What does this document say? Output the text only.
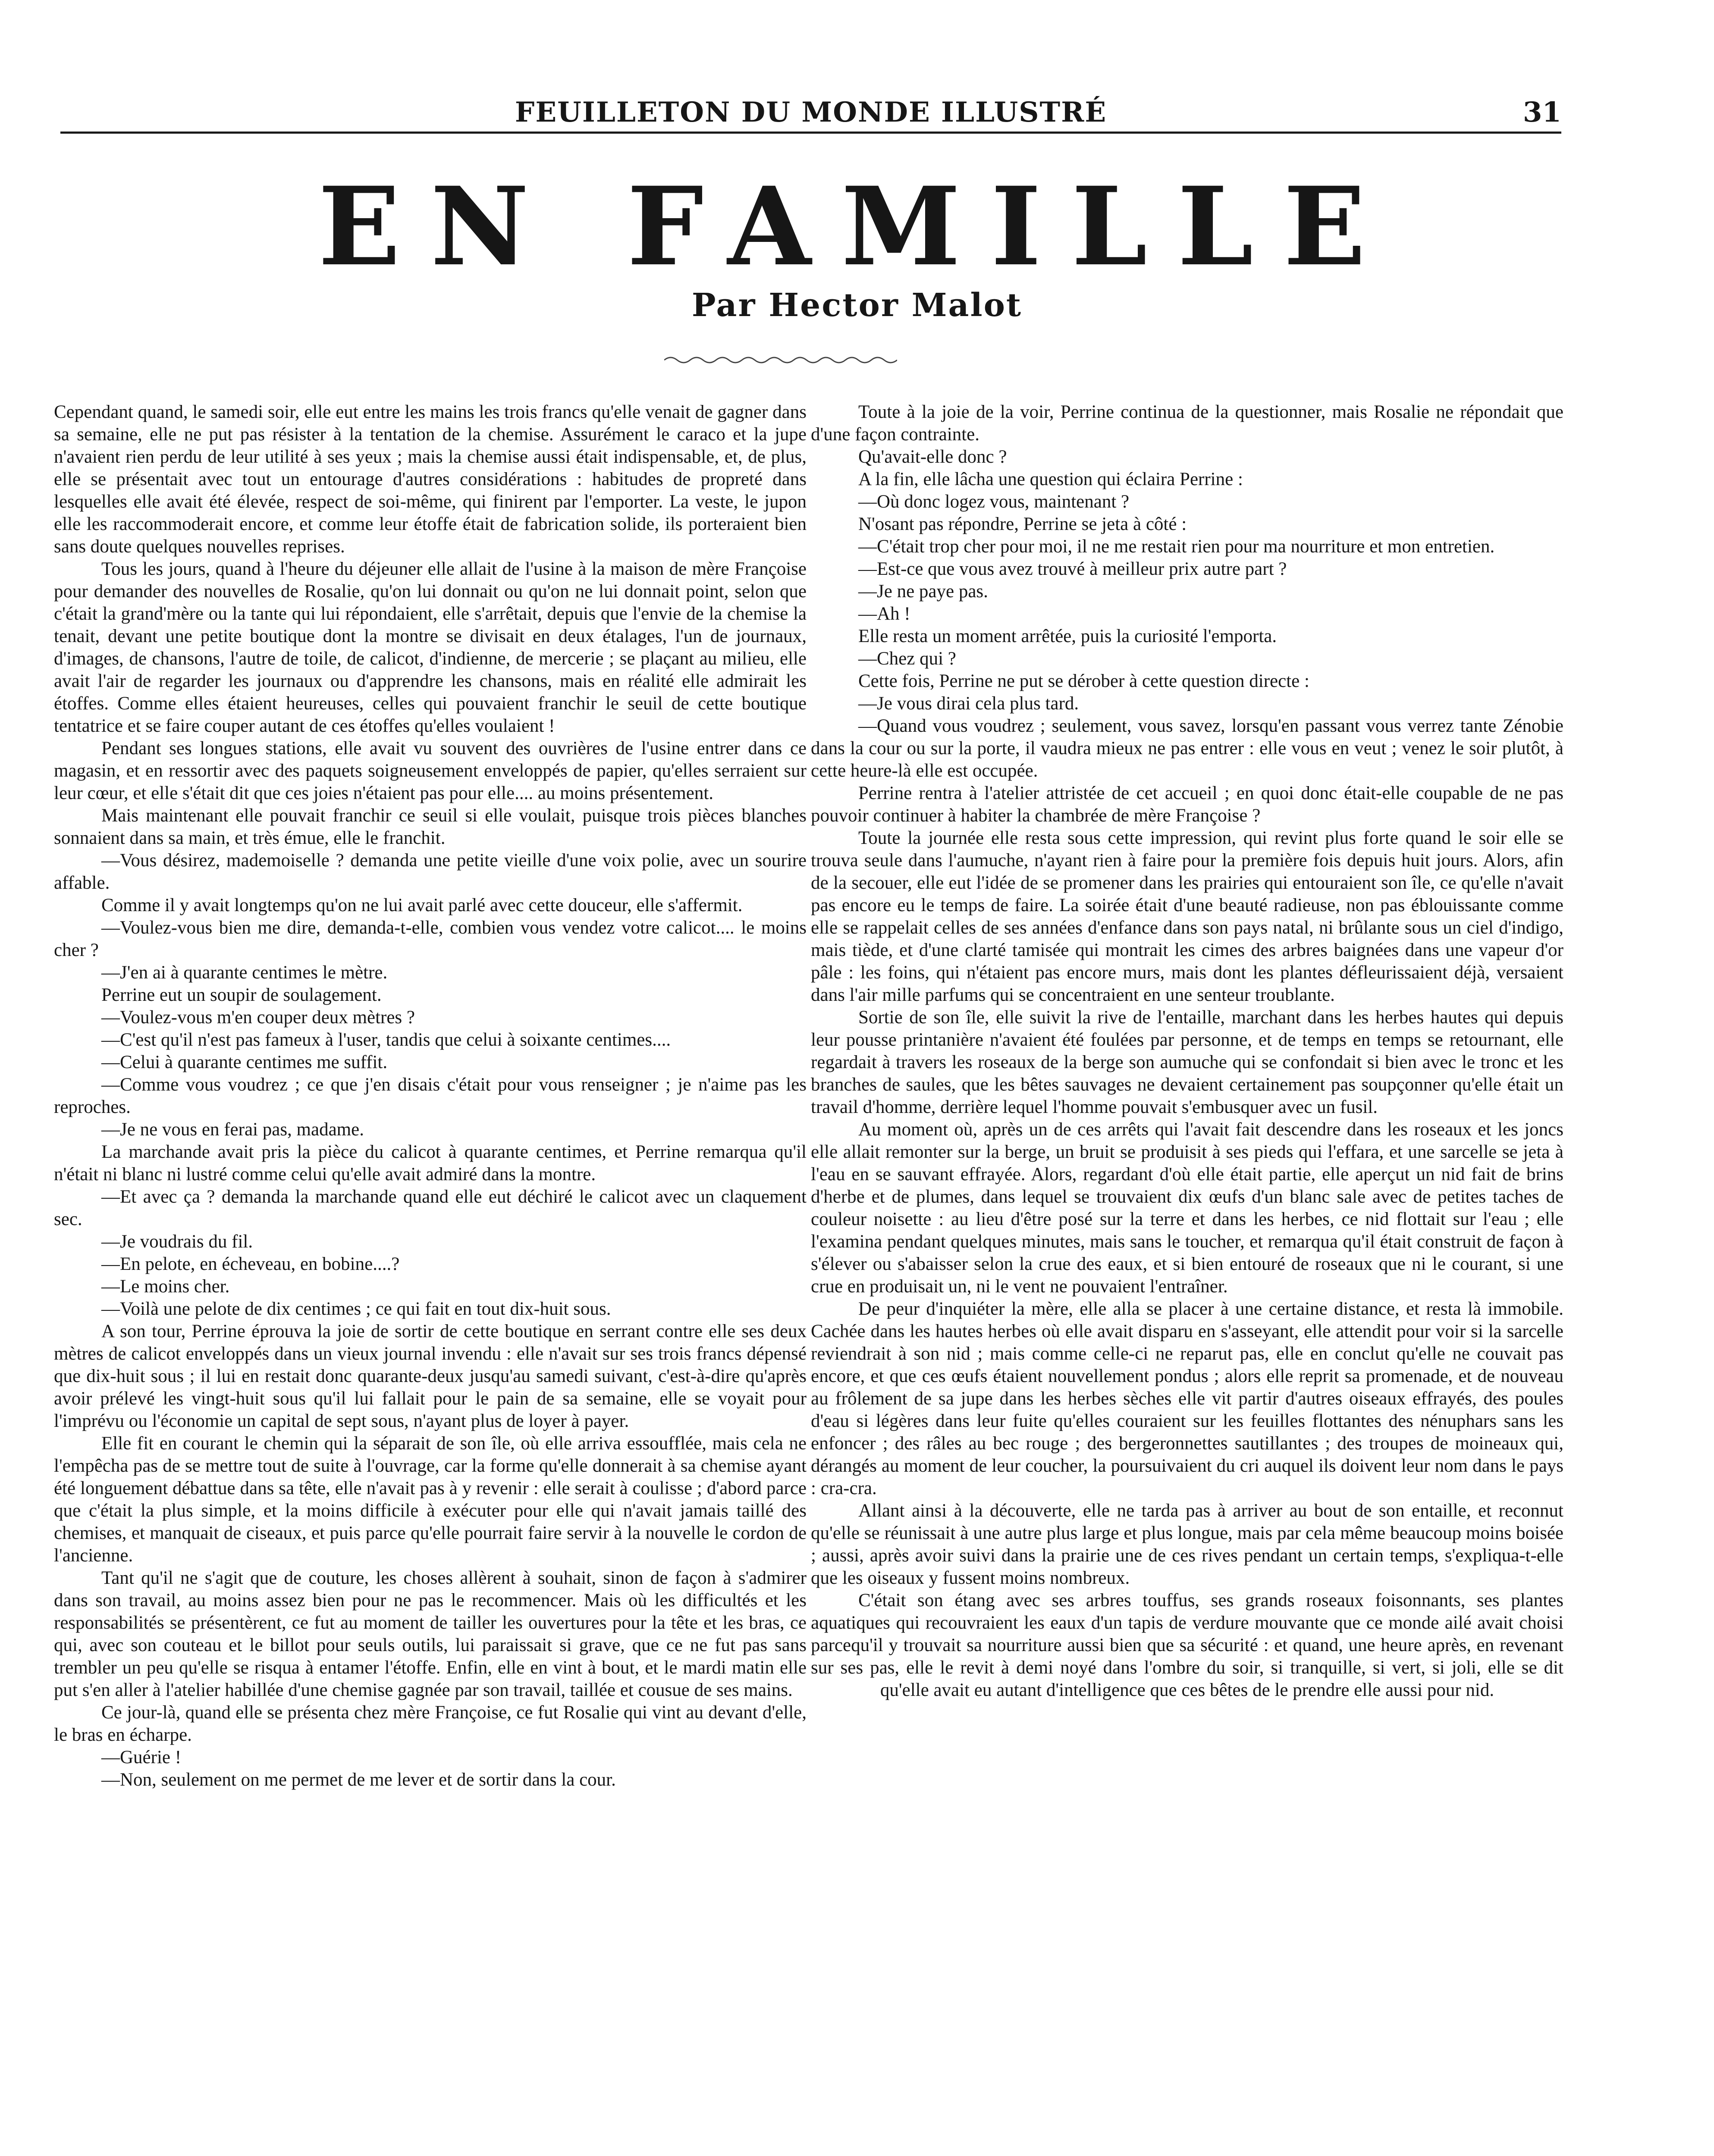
FEUILLETON DU MONDE ILLUSTRÉ	31
EN FAMILLE
Par Hector Malot

Cependant quand, le samedi soir, elle eut entre les mains les trois francs qu'elle venait de gagner dans sa semaine, elle ne put pas résister à la tentation de la chemise. Assurément le caraco et la jupe n'avaient rien perdu de leur utilité à ses yeux ; mais la chemise aussi était indispensable, et, de plus, elle se présentait avec tout un entourage d'autres considérations : habitudes de propreté dans lesquelles elle avait été élevée, respect de soi-même, qui finirent par l'emporter. La veste, le jupon elle les raccommoderait encore, et comme leur étoffe était de fabrication solide, ils porteraient bien sans doute quelques nouvelles reprises.

Tous les jours, quand à l'heure du déjeuner elle allait de l'usine à la maison de mère Françoise pour demander des nouvelles de Rosalie, qu'on lui donnait ou qu'on ne lui donnait point, selon que c'était la grand'mère ou la tante qui lui répondaient, elle s'arrêtait, depuis que l'envie de la chemise la tenait, devant une petite boutique dont la montre se divisait en deux étalages, l'un de journaux, d'images, de chansons, l'autre de toile, de calicot, d'indienne, de mercerie ; se plaçant au milieu, elle avait l'air de regarder les journaux ou d'apprendre les chansons, mais en réalité elle admirait les étoffes. Comme elles étaient heureuses, celles qui pouvaient franchir le seuil de cette boutique tentatrice et se faire couper autant de ces étoffes qu'elles voulaient !

Pendant ses longues stations, elle avait vu souvent des ouvrières de l'usine entrer dans ce magasin, et en ressortir avec des paquets soigneusement enveloppés de papier, qu'elles serraient sur leur cœur, et elle s'était dit que ces joies n'étaient pas pour elle.... au moins présentement.

Mais maintenant elle pouvait franchir ce seuil si elle voulait, puisque trois pièces blanches sonnaient dans sa main, et très émue, elle le franchit.

—Vous désirez, mademoiselle ? demanda une petite vieille d'une voix polie, avec un sourire affable.

Comme il y avait longtemps qu'on ne lui avait parlé avec cette douceur, elle s'affermit.

—Voulez-vous bien me dire, demanda-t-elle, combien vous vendez votre calicot.... le moins cher ?

—J'en ai à quarante centimes le mètre.

Perrine eut un soupir de soulagement.

—Voulez-vous m'en couper deux mètres ?

—C'est qu'il n'est pas fameux à l'user, tandis que celui à soixante centimes....

—Celui à quarante centimes me suffit.

—Comme vous voudrez ; ce que j'en disais c'était pour vous renseigner ; je n'aime pas les reproches.

—Je ne vous en ferai pas, madame.

La marchande avait pris la pièce du calicot à quarante centimes, et Perrine remarqua qu'il n'était ni blanc ni lustré comme celui qu'elle avait admiré dans la montre.

—Et avec ça ? demanda la marchande quand elle eut déchiré le calicot avec un claquement sec.

—Je voudrais du fil.

—En pelote, en écheveau, en bobine....?

—Le moins cher.

—Voilà une pelote de dix centimes ; ce qui fait en tout dix-huit sous.

A son tour, Perrine éprouva la joie de sortir de cette boutique en serrant contre elle ses deux mètres de calicot enveloppés dans un vieux journal invendu : elle n'avait sur ses trois francs dépensé que dix-huit sous ; il lui en restait donc quarante-deux jusqu'au samedi suivant, c'est-à-dire qu'après avoir prélevé les vingt-huit sous qu'il lui fallait pour le pain de sa semaine, elle se voyait pour l'imprévu ou l'économie un capital de sept sous, n'ayant plus de loyer à payer.

Elle fit en courant le chemin qui la séparait de son île, où elle arriva essoufflée, mais cela ne l'empêcha pas de se mettre tout de suite à l'ouvrage, car la forme qu'elle donnerait à sa chemise ayant été longuement débattue dans sa tête, elle n'avait pas à y revenir : elle serait à coulisse ; d'abord parce que c'était la plus simple, et la moins difficile à exécuter pour elle qui n'avait jamais taillé des chemises, et manquait de ciseaux, et puis parce qu'elle pourrait faire servir à la nouvelle le cordon de l'ancienne.

Tant qu'il ne s'agit que de couture, les choses allèrent à souhait, sinon de façon à s'admirer dans son travail, au moins assez bien pour ne pas le recommencer. Mais où les difficultés et les responsabilités se présentèrent, ce fut au moment de tailler les ouvertures pour la tête et les bras, ce qui, avec son couteau et le billot pour seuls outils, lui paraissait si grave, que ce ne fut pas sans trembler un peu qu'elle se risqua à entamer l'étoffe. Enfin, elle en vint à bout, et le mardi matin elle put s'en aller à l'atelier habillée d'une chemise gagnée par son travail, taillée et cousue de ses mains.

Ce jour-là, quand elle se présenta chez mère Françoise, ce fut Rosalie qui vint au devant d'elle, le bras en écharpe.

—Guérie !

—Non, seulement on me permet de me lever et de sortir dans la cour.

Toute à la joie de la voir, Perrine continua de la questionner, mais Rosalie ne répondait que d'une façon contrainte.

Qu'avait-elle donc ?

A la fin, elle lâcha une question qui éclaira Perrine :

—Où donc logez vous, maintenant ?

N'osant pas répondre, Perrine se jeta à côté :

—C'était trop cher pour moi, il ne me restait rien pour ma nourriture et mon entretien.

—Est-ce que vous avez trouvé à meilleur prix autre part ?

—Je ne paye pas.

—Ah !

Elle resta un moment arrêtée, puis la curiosité l'emporta.

—Chez qui ?

Cette fois, Perrine ne put se dérober à cette question directe :

—Je vous dirai cela plus tard.

—Quand vous voudrez ; seulement, vous savez, lorsqu'en passant vous verrez tante Zénobie dans la cour ou sur la porte, il vaudra mieux ne pas entrer : elle vous en veut ; venez le soir plutôt, à cette heure-là elle est occupée.

Perrine rentra à l'atelier attristée de cet accueil ; en quoi donc était-elle coupable de ne pas pouvoir continuer à habiter la chambrée de mère Françoise ?

Toute la journée elle resta sous cette impression, qui revint plus forte quand le soir elle se trouva seule dans l'aumuche, n'ayant rien à faire pour la première fois depuis huit jours. Alors, afin de la secouer, elle eut l'idée de se promener dans les prairies qui entouraient son île, ce qu'elle n'avait pas encore eu le temps de faire. La soirée était d'une beauté radieuse, non pas éblouissante comme elle se rappelait celles de ses années d'enfance dans son pays natal, ni brûlante sous un ciel d'indigo, mais tiède, et d'une clarté tamisée qui montrait les cimes des arbres baignées dans une vapeur d'or pâle : les foins, qui n'étaient pas encore murs, mais dont les plantes défleurissaient déjà, versaient dans l'air mille parfums qui se concentraient en une senteur troublante.

Sortie de son île, elle suivit la rive de l'entaille, marchant dans les herbes hautes qui depuis leur pousse printanière n'avaient été foulées par personne, et de temps en temps se retournant, elle regardait à travers les roseaux de la berge son aumuche qui se confondait si bien avec le tronc et les branches de saules, que les bêtes sauvages ne devaient certainement pas soupçonner qu'elle était un travail d'homme, derrière lequel l'homme pouvait s'embusquer avec un fusil.

Au moment où, après un de ces arrêts qui l'avait fait descendre dans les roseaux et les joncs elle allait remonter sur la berge, un bruit se produisit à ses pieds qui l'effara, et une sarcelle se jeta à l'eau en se sauvant effrayée. Alors, regardant d'où elle était partie, elle aperçut un nid fait de brins d'herbe et de plumes, dans lequel se trouvaient dix œufs d'un blanc sale avec de petites taches de couleur noisette : au lieu d'être posé sur la terre et dans les herbes, ce nid flottait sur l'eau ; elle l'examina pendant quelques minutes, mais sans le toucher, et remarqua qu'il était construit de façon à s'élever ou s'abaisser selon la crue des eaux, et si bien entouré de roseaux que ni le courant, si une crue en produisait un, ni le vent ne pouvaient l'entraîner.

De peur d'inquiéter la mère, elle alla se placer à une certaine distance, et resta là immobile. Cachée dans les hautes herbes où elle avait disparu en s'asseyant, elle attendit pour voir si la sarcelle reviendrait à son nid ; mais comme celle-ci ne reparut pas, elle en conclut qu'elle ne couvait pas encore, et que ces œufs étaient nouvellement pondus ; alors elle reprit sa promenade, et de nouveau au frôlement de sa jupe dans les herbes sèches elle vit partir d'autres oiseaux effrayés, des poules d'eau si légères dans leur fuite qu'elles couraient sur les feuilles flottantes des nénuphars sans les enfoncer ; des râles au bec rouge ; des bergeronnettes sautillantes ; des troupes de moineaux qui, dérangés au moment de leur coucher, la poursuivaient du cri auquel ils doivent leur nom dans le pays : cra-cra.

Allant ainsi à la découverte, elle ne tarda pas à arriver au bout de son entaille, et reconnut qu'elle se réunissait à une autre plus large et plus longue, mais par cela même beaucoup moins boisée ; aussi, après avoir suivi dans la prairie une de ces rives pendant un certain temps, s'expliqua-t-elle que les oiseaux y fussent moins nombreux.

C'était son étang avec ses arbres touffus, ses grands roseaux foisonnants, ses plantes aquatiques qui recouvraient les eaux d'un tapis de verdure mouvante que ce monde ailé avait choisi parcequ'il y trouvait sa nourriture aussi bien que sa sécurité : et quand, une heure après, en revenant sur ses pas, elle le revit à demi noyé dans l'ombre du soir, si tranquille, si vert, si joli, elle se dit qu'elle avait eu autant d'intelligence que ces bêtes de le prendre elle aussi pour nid.
